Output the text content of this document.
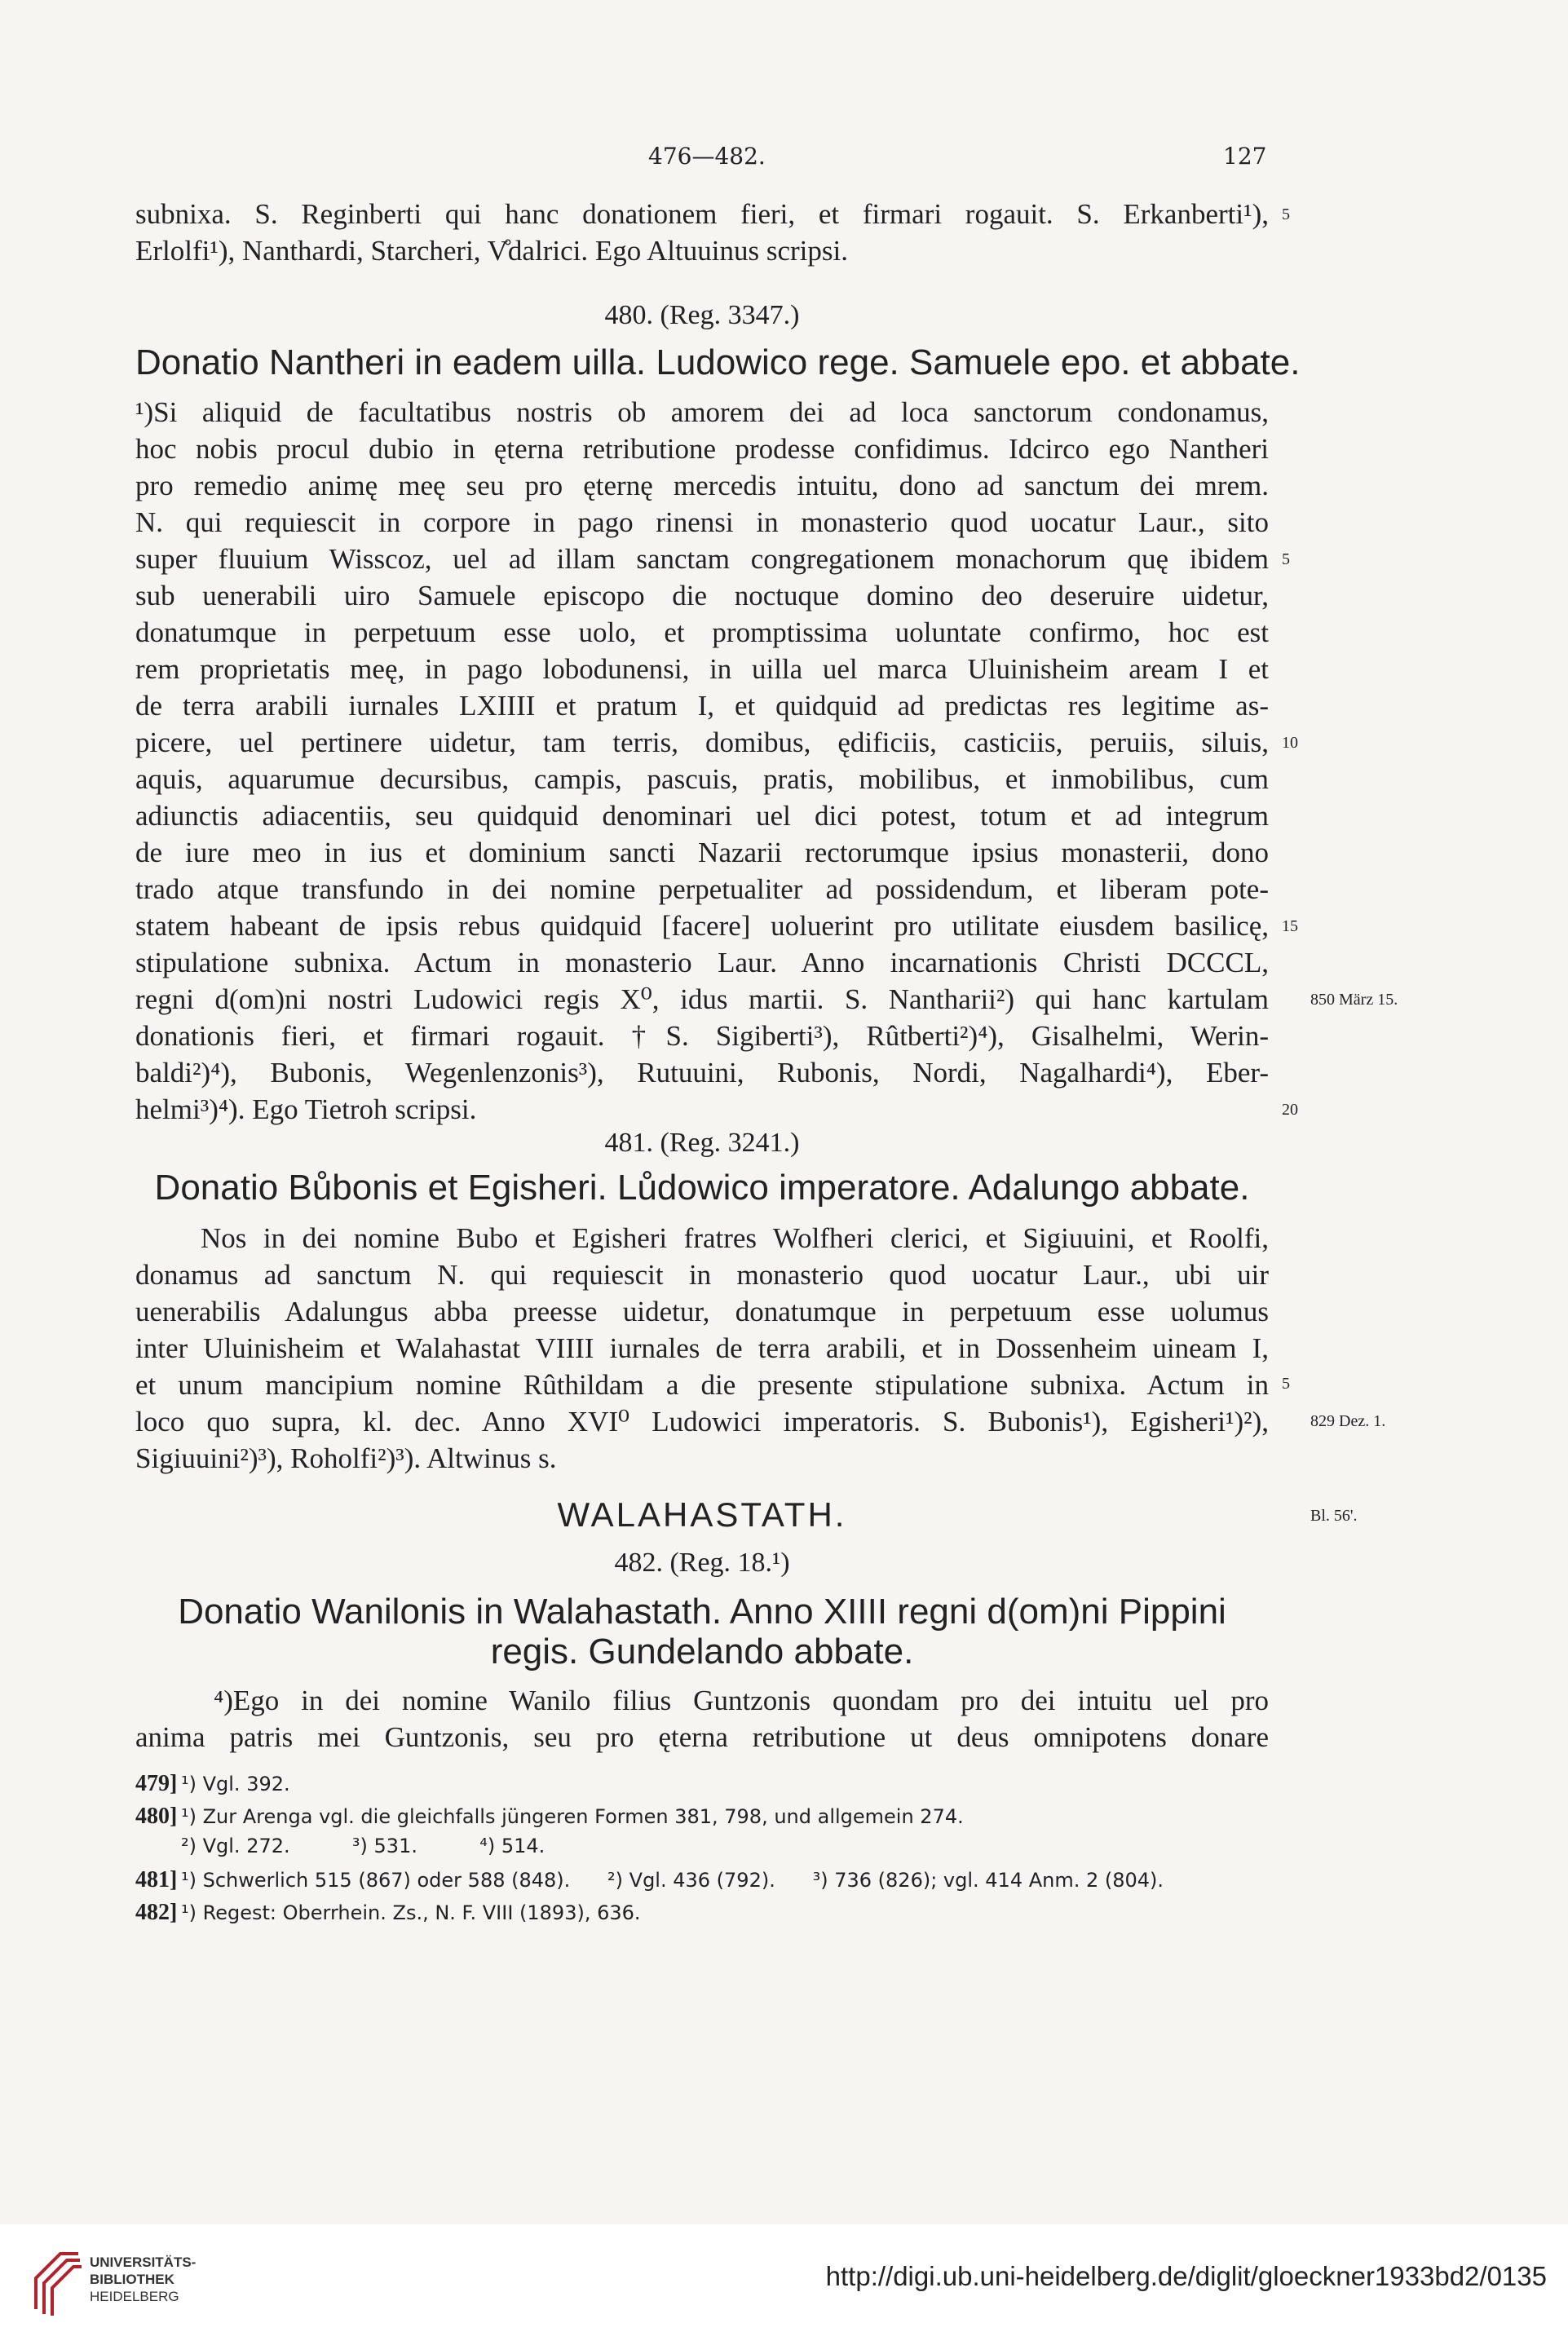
476—482.	127
subnixa. S. Reginberti qui hanc donationem fieri, et firmari rogauit. S. Erkanberti¹),
Erlolfi¹), Nanthardi, Starcheri, V̊dalrici. Ego Altuuinus scripsi.
5
480. (Reg. 3347.)
Donatio Nantheri in eadem uilla. Ludowico rege. Samuele epo. et abbate.
¹)Si aliquid de facultatibus nostris ob amorem dei ad loca sanctorum condonamus,
hoc nobis procul dubio in ęterna retributione prodesse confidimus. Idcirco ego Nantheri
pro remedio animę meę seu pro ęternę mercedis intuitu, dono ad sanctum dei mrem.
N. qui requiescit in corpore in pago rinensi in monasterio quod uocatur Laur., sito
super fluuium Wisscoz, uel ad illam sanctam congregationem monachorum quę ibidem
sub uenerabili uiro Samuele episcopo die noctuque domino deo deseruire uidetur,
donatumque in perpetuum esse uolo, et promptissima uoluntate confirmo, hoc est
rem proprietatis meę, in pago lobodunensi, in uilla uel marca Uluinisheim aream I et
de terra arabili iurnales LXIIII et pratum I, et quidquid ad predictas res legitime as-
picere, uel pertinere uidetur, tam terris, domibus, ędificiis, casticiis, peruiis, siluis,
aquis, aquarumue decursibus, campis, pascuis, pratis, mobilibus, et inmobilibus, cum
adiunctis adiacentiis, seu quidquid denominari uel dici potest, totum et ad integrum
de iure meo in ius et dominium sancti Nazarii rectorumque ipsius monasterii, dono
trado atque transfundo in dei nomine perpetualiter ad possidendum, et liberam pote-
statem habeant de ipsis rebus quidquid [facere] uoluerint pro utilitate eiusdem basilicę,
stipulatione subnixa. Actum in monasterio Laur. Anno incarnationis Christi DCCCL,
regni d(om)ni nostri Ludowici regis X⁰, idus martii. S. Nantharii²) qui hanc kartulam
donationis fieri, et firmari rogauit. †S. Sigiberti³), Rûtberti²)⁴), Gisalhelmi, Werin-
baldi²)⁴), Bubonis, Wegenlenzonis³), Rutuuini, Rubonis, Nordi, Nagalhardi⁴), Eber-
helmi³)⁴). Ego Tietroh scripsi.
5
10
15
20
850 März 15.
481. (Reg. 3241.)
Donatio Bůbonis et Egisheri. Lůdowico imperatore. Adalungo abbate.
Nos in dei nomine Bubo et Egisheri fratres Wolfheri clerici, et Sigiuuini, et Roolfi,
donamus ad sanctum N. qui requiescit in monasterio quod uocatur Laur., ubi uir
uenerabilis Adalungus abba preesse uidetur, donatumque in perpetuum esse uolumus
inter Uluinisheim et Walahastat VIIII iurnales de terra arabili, et in Dossenheim uineam I,
et unum mancipium nomine Rûthildam a die presente stipulatione subnixa. Actum in
loco quo supra, kl. dec. Anno XVI⁰ Ludowici imperatoris. S. Bubonis¹), Egisheri¹)²),
Sigiuuini²)³), Roholfi²)³). Altwinus s.
5
829 Dez. 1.
WALAHASTATH.	Bl. 56'.
482. (Reg. 18.¹)
Donatio Wanilonis in Walahastath. Anno XIIII regni d(om)ni Pippini
regis. Gundelando abbate.
⁴)Ego in dei nomine Wanilo filius Guntzonis quondam pro dei intuitu uel pro
anima patris mei Guntzonis, seu pro ęterna retributione ut deus omnipotens donare
479] ¹) Vgl. 392.
480] ¹) Zur Arenga vgl. die gleichfalls jüngeren Formen 381, 798, und allgemein 274.
²) Vgl. 272.          ³) 531.          ⁴) 514.
481] ¹) Schwerlich 515 (867) oder 588 (848).      ²) Vgl. 436 (792).      ³) 736 (826); vgl. 414 Anm. 2 (804).
482] ¹) Regest: Oberrhein. Zs., N. F. VIII (1893), 636.
UNIVERSITÄTS-
BIBLIOTHEK
HEIDELBERG
http://digi.ub.uni-heidelberg.de/diglit/gloeckner1933bd2/0135
